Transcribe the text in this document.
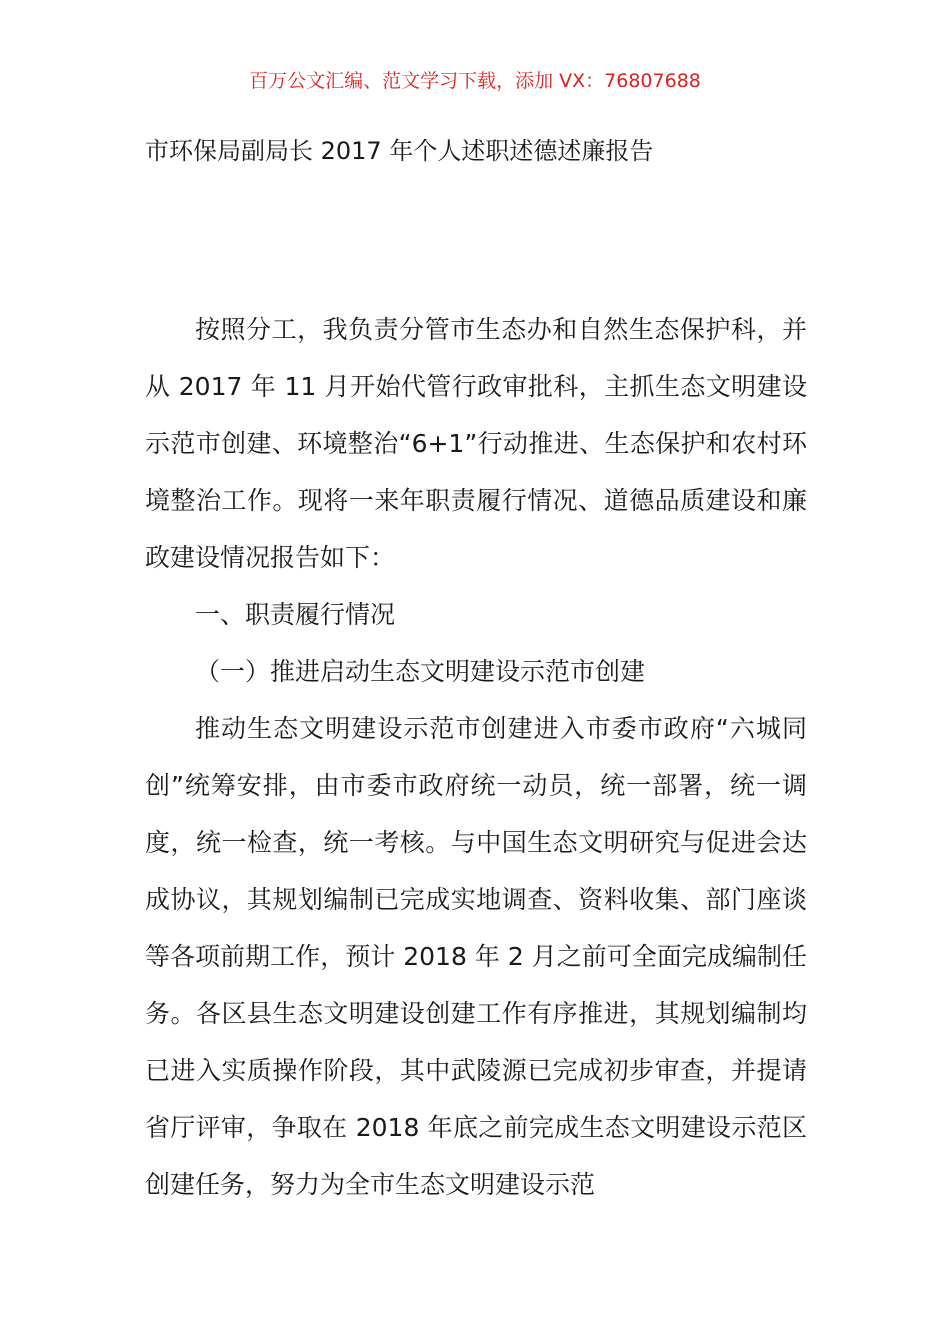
百万公文汇编、范文学习下载，添加 VX：76807688
市环保局副局长 2017 年个人述职述德述廉报告

按照分工，我负责分管市生态办和自然生态保护科，并从 2017 年 11 月开始代管行政审批科，主抓生态文明建设示范市创建、环境整治“6+1”行动推进、生态保护和农村环境整治工作。现将一来年职责履行情况、道德品质建设和廉政建设情况报告如下：

一、职责履行情况

（一）推进启动生态文明建设示范市创建

推动生态文明建设示范市创建进入市委市政府“六城同创”统筹安排，由市委市政府统一动员，统一部署，统一调度，统一检查，统一考核。与中国生态文明研究与促进会达成协议，其规划编制已完成实地调查、资料收集、部门座谈等各项前期工作，预计 2018 年 2 月之前可全面完成编制任务。各区县生态文明建设创建工作有序推进，其规划编制均已进入实质操作阶段，其中武陵源已完成初步审查，并提请省厅评审，争取在 2018 年底之前完成生态文明建设示范区创建任务，努力为全市生态文明建设示范
